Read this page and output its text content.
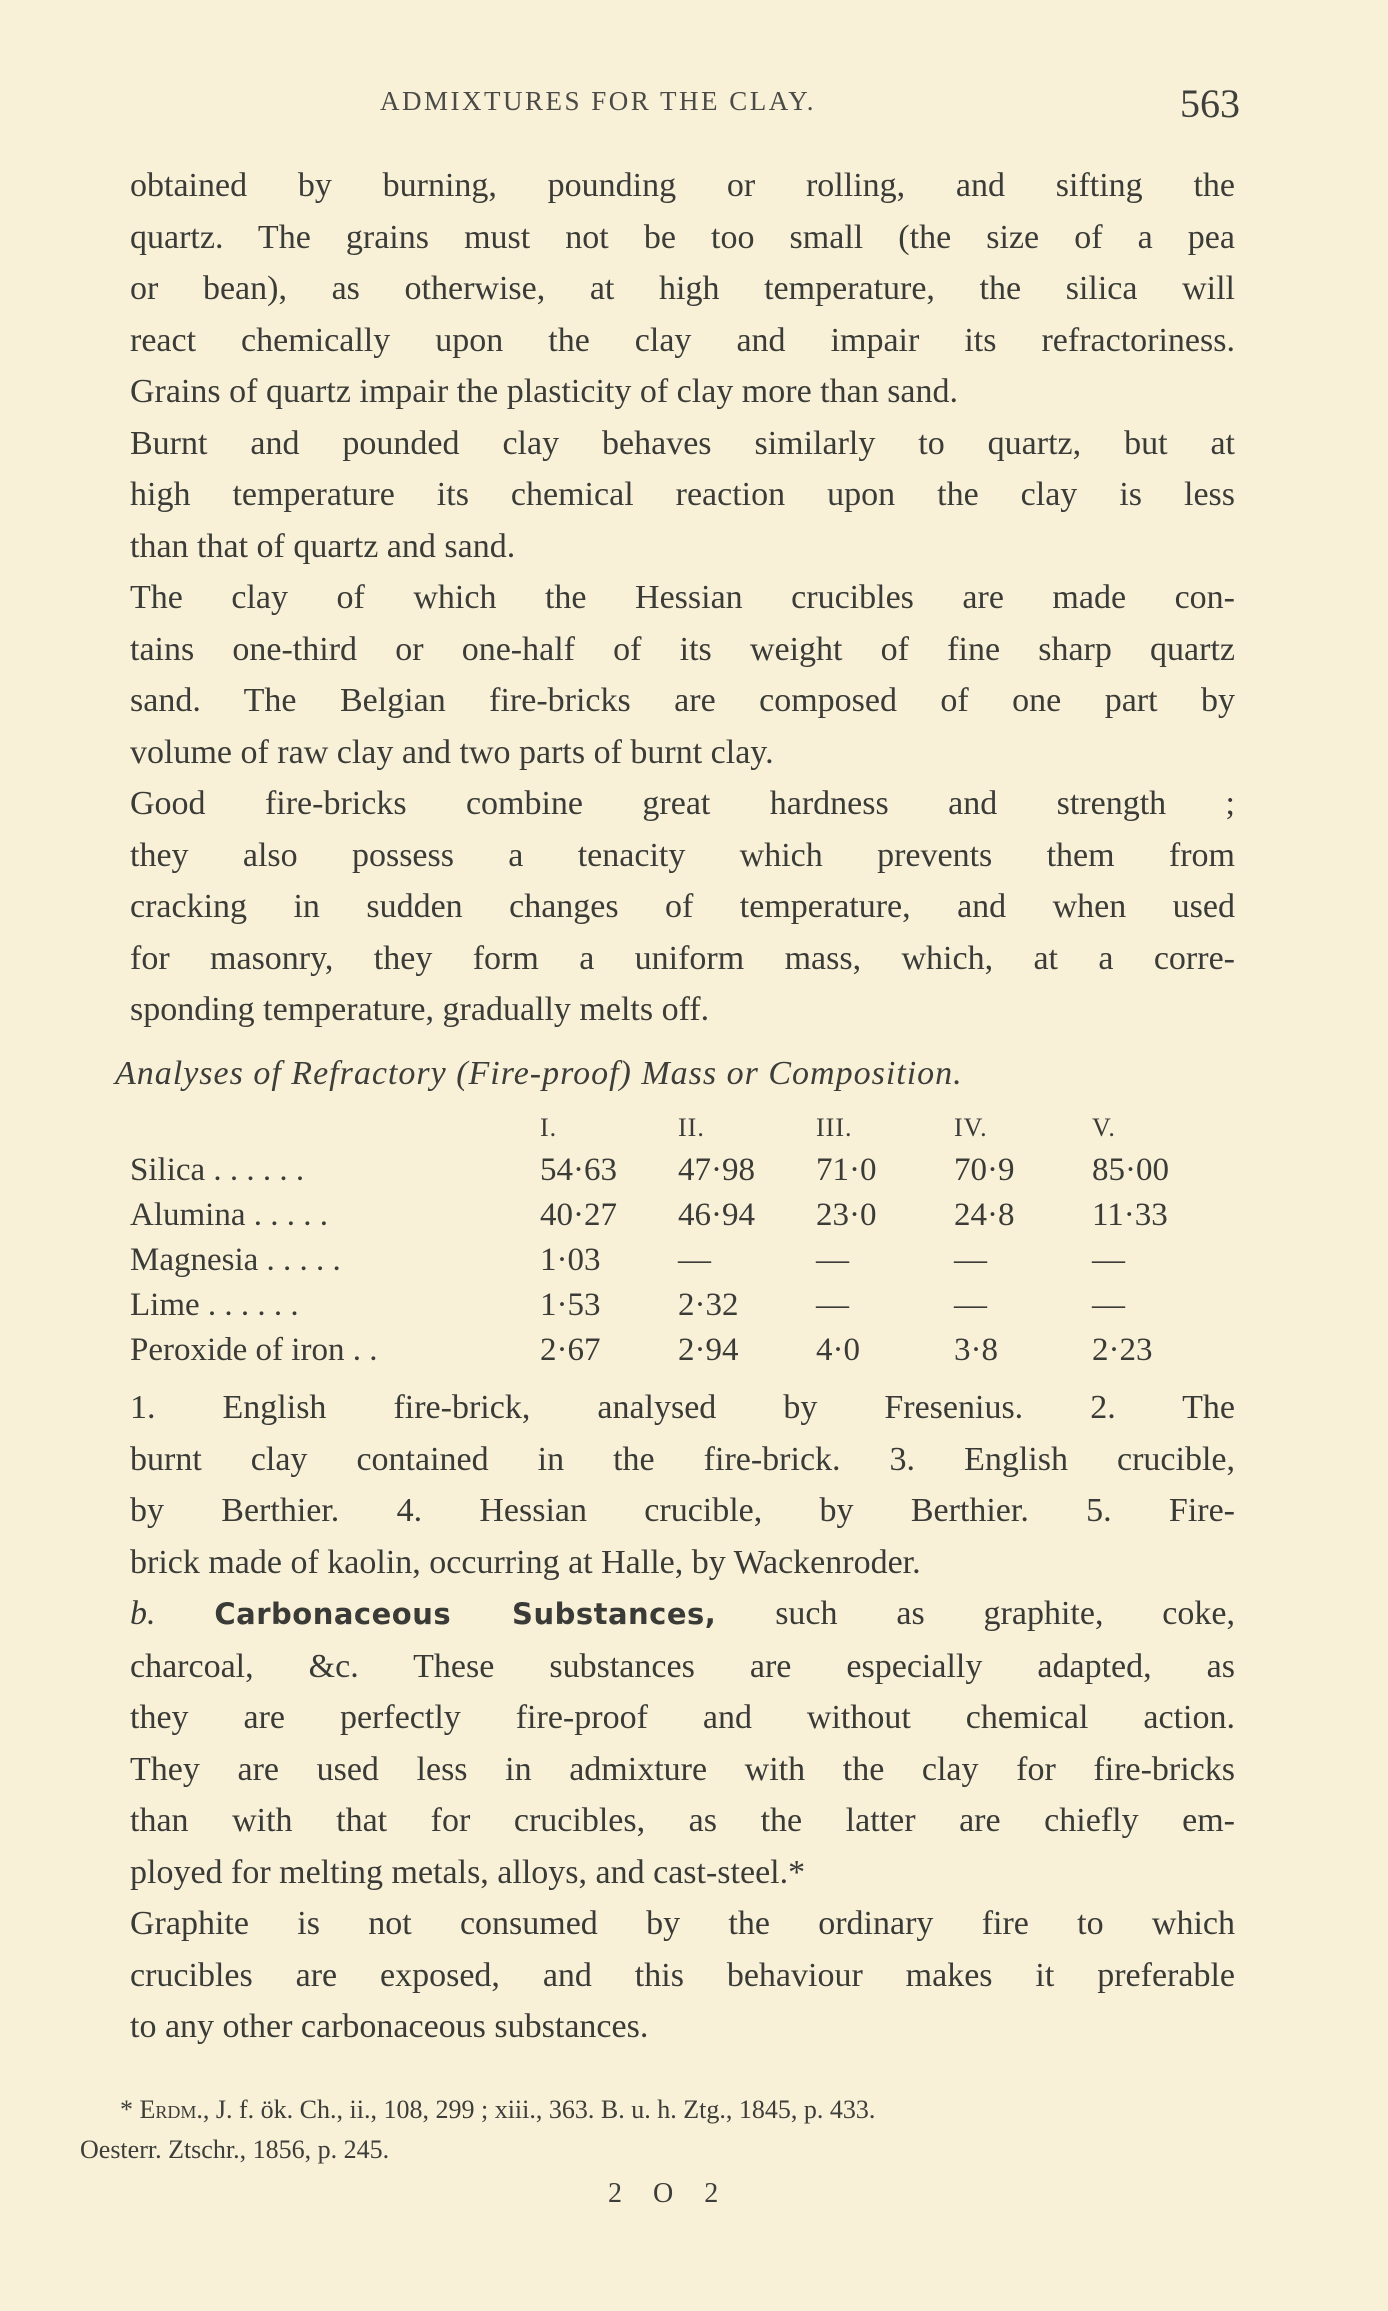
ADMIXTURES FOR THE CLAY.	563

obtained by burning, pounding or rolling, and sifting the
quartz. The grains must not be too small (the size of a pea
or bean), as otherwise, at high temperature, the silica will
react chemically upon the clay and impair its refractoriness.
Grains of quartz impair the plasticity of clay more than sand.

Burnt and pounded clay behaves similarly to quartz, but at
high temperature its chemical reaction upon the clay is less
than that of quartz and sand.

The clay of which the Hessian crucibles are made con-
tains one-third or one-half of its weight of fine sharp quartz
sand. The Belgian fire-bricks are composed of one part by
volume of raw clay and two parts of burnt clay.

Good fire-bricks combine great hardness and strength ;
they also possess a tenacity which prevents them from
cracking in sudden changes of temperature, and when used
for masonry, they form a uniform mass, which, at a corre-
sponding temperature, gradually melts off.

Analyses of Refractory (Fire-proof) Mass or Composition.
	I.	II.	III.	IV.	V.
Silica . . . . . .	54·63	47·98	71·0	70·9	85·00
Alumina . . . . .	40·27	46·94	23·0	24·8	11·33
Magnesia . . . . .	1·03	—	—	—	—
Lime . . . . . .	1·53	2·32	—	—	—
Peroxide of iron . .	2·67	2·94	4·0	3·8	2·23

1. English fire-brick, analysed by Fresenius. 2. The
burnt clay contained in the fire-brick. 3. English crucible,
by Berthier. 4. Hessian crucible, by Berthier. 5. Fire-
brick made of kaolin, occurring at Halle, by Wackenroder.

b. Carbonaceous Substances, such as graphite, coke,
charcoal, &c. These substances are especially adapted, as
they are perfectly fire-proof and without chemical action.
They are used less in admixture with the clay for fire-bricks
than with that for crucibles, as the latter are chiefly em-
ployed for melting metals, alloys, and cast-steel.*

Graphite is not consumed by the ordinary fire to which
crucibles are exposed, and this behaviour makes it preferable
to any other carbonaceous substances.

* Erdm., J. f. ök. Ch., ii., 108, 299 ; xiii., 363. B. u. h. Ztg., 1845, p. 433.
Oesterr. Ztschr., 1856, p. 245.
2 O 2
